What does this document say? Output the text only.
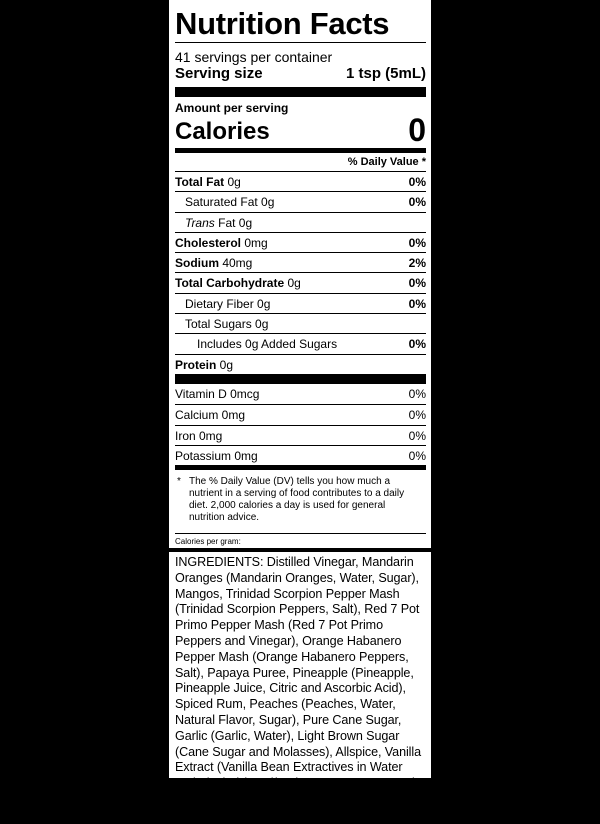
Nutrition Facts
41 servings per container
Serving size	1 tsp (5mL)
Amount per serving
Calories	0
% Daily Value *
Total Fat 0g	0%
Saturated Fat 0g	0%
Trans Fat 0g
Cholesterol 0mg	0%
Sodium 40mg	2%
Total Carbohydrate 0g	0%
Dietary Fiber 0g	0%
Total Sugars 0g
Includes 0g Added Sugars	0%
Protein 0g
Vitamin D 0mcg	0%
Calcium 0mg	0%
Iron 0mg	0%
Potassium 0mg	0%
* The % Daily Value (DV) tells you how much a nutrient in a serving of food contributes to a daily diet. 2,000 calories a day is used for general nutrition advice.
Calories per gram:
INGREDIENTS: Distilled Vinegar, Mandarin Oranges (Mandarin Oranges, Water, Sugar), Mangos, Trinidad Scorpion Pepper Mash (Trinidad Scorpion Peppers, Salt), Red 7 Pot Primo Pepper Mash (Red 7 Pot Primo Peppers and Vinegar), Orange Habanero Pepper Mash (Orange Habanero Peppers, Salt), Papaya Puree, Pineapple (Pineapple, Pineapple Juice, Citric and Ascorbic Acid), Spiced Rum, Peaches (Peaches, Water, Natural Flavor, Sugar), Pure Cane Sugar, Garlic (Garlic, Water), Light Brown Sugar (Cane Sugar and Molasses), Allspice, Vanilla Extract (Vanilla Bean Extractives in Water and Alcohol (41%)), Cinnamon, Curry Powder (Spices, Turmeric, Salt. Contains Mustard), Ginger, Cloves, Cumin
